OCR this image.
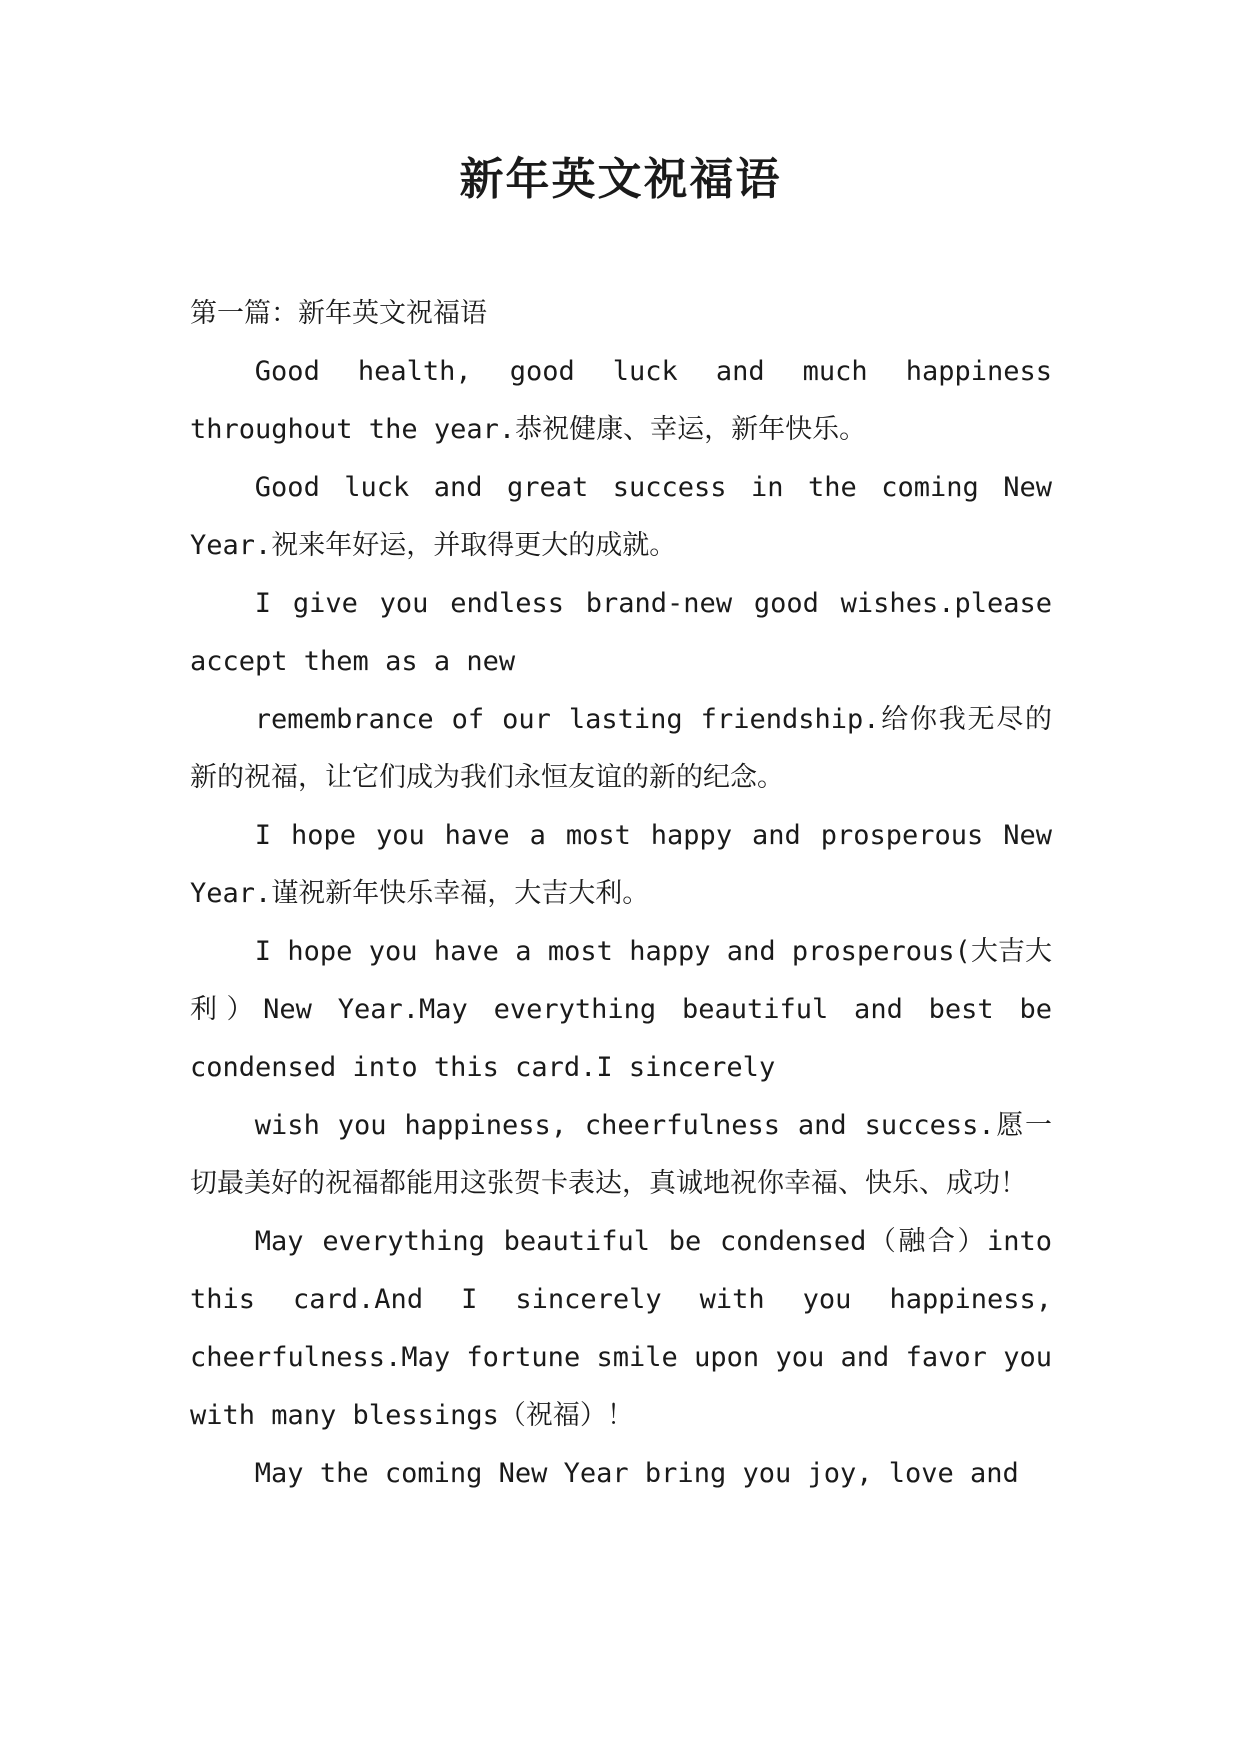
新年英文祝福语
第一篇：新年英文祝福语

Good health, good luck and much happiness throughout the year.恭祝健康、幸运，新年快乐。

Good luck and great success in the coming New Year.祝来年好运，并取得更大的成就。

I give you endless brand-new good wishes.please accept them as a new

remembrance of our lasting friendship.给你我无尽的新的祝福，让它们成为我们永恒友谊的新的纪念。

I hope you have a most happy and prosperous New Year.谨祝新年快乐幸福，大吉大利。

I hope you have a most happy and prosperous(大吉大利）New Year.May everything beautiful and best be condensed into this card.I sincerely

wish you happiness, cheerfulness and success.愿一切最美好的祝福都能用这张贺卡表达，真诚地祝你幸福、快乐、成功！

May everything beautiful be condensed（融合）into this card.And I sincerely with you happiness, cheerfulness.May fortune smile upon you and favor you with many blessings（祝福）！

May the coming New Year bring you joy, love and
